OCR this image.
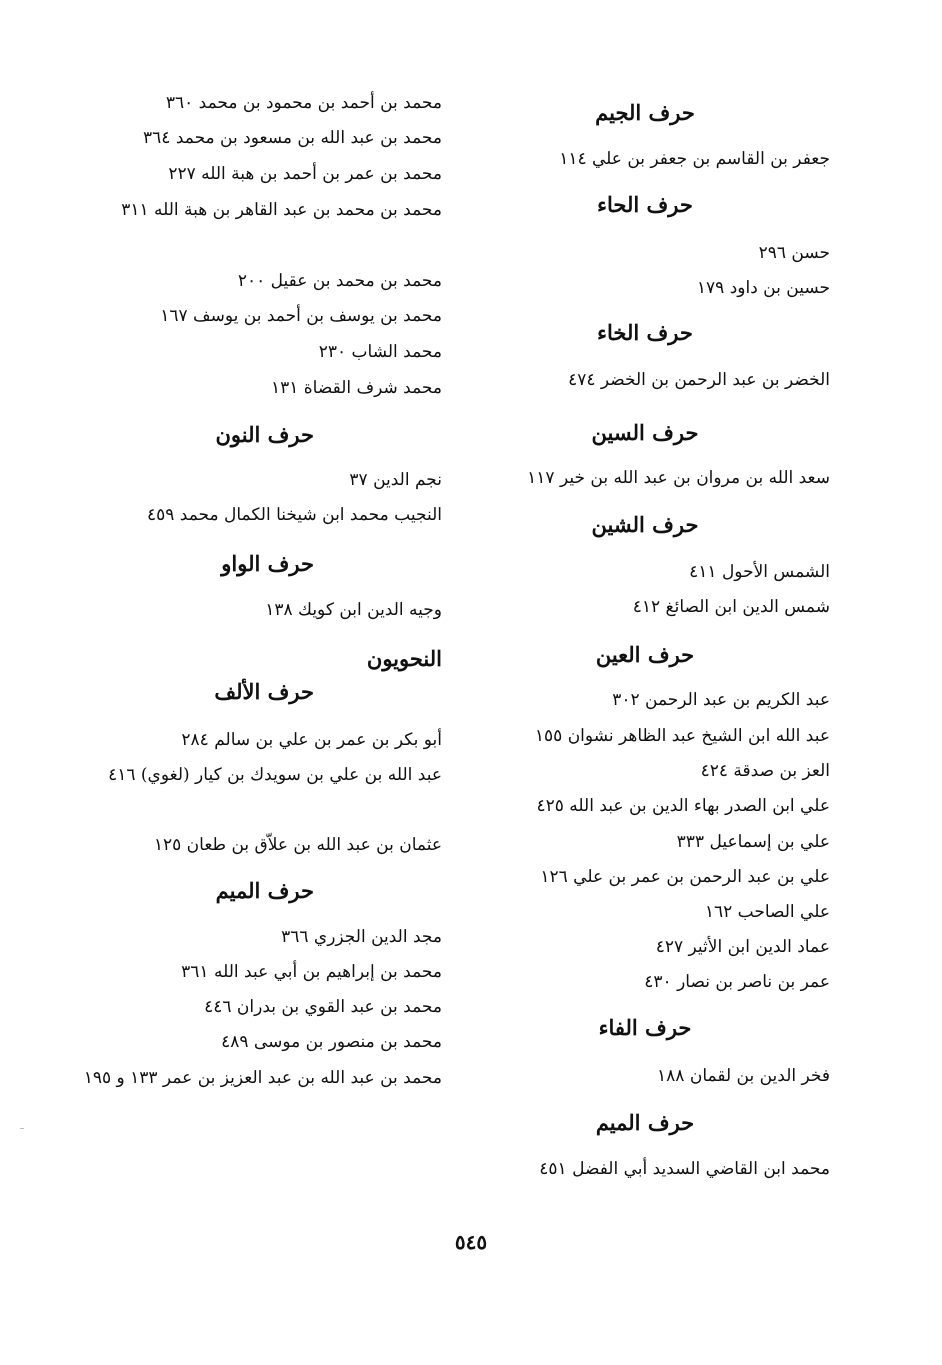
حرف الجيم
جعفر بن القاسم بن جعفر بن علي ١١٤
حرف الحاء
حسن ٢٩٦
حسين بن داود ١٧٩
حرف الخاء
الخضر بن عبد الرحمن بن الخضر ٤٧٤
حرف السين
سعد الله بن مروان بن عبد الله بن خير ١١٧
حرف الشين
الشمس الأحول ٤١١
شمس الدين ابن الصائغ ٤١٢
حرف العين
عبد الكريم بن عبد الرحمن ٣٠٢
عبد الله ابن الشيخ عبد الظاهر نشوان ١٥٥
العز بن صدقة ٤٢٤
علي ابن الصدر بهاء الدين بن عبد الله ٤٢٥
علي بن إسماعيل ٣٣٣
علي بن عبد الرحمن بن عمر بن علي ١٢٦
علي الصاحب ١٦٢
عماد الدين ابن الأثير ٤٢٧
عمر بن ناصر بن نصار ٤٣٠
حرف الفاء
فخر الدين بن لقمان ١٨٨
حرف الميم
محمد ابن القاضي السديد أبي الفضل ٤٥١
محمد بن أحمد بن محمود بن محمد ٣٦٠
محمد بن عبد الله بن مسعود بن محمد ٣٦٤
محمد بن عمر بن أحمد بن هبة الله ٢٢٧
محمد بن محمد بن عبد القاهر بن هبة الله ٣١١
محمد بن محمد بن عقيل ٢٠٠
محمد بن يوسف بن أحمد بن يوسف ١٦٧
محمد الشاب ٢٣٠
محمد شرف القضاة ١٣١
حرف النون
نجم الدين ٣٧
النجيب محمد ابن شيخنا الكمال محمد ٤٥٩
حرف الواو
وجيه الدين ابن كويك ١٣٨
النحويون
حرف الألف
أبو بكر بن عمر بن علي بن سالم ٢٨٤
عبد الله بن علي بن سويدك بن كيار (لغوي) ٤١٦
عثمان بن عبد الله بن علاّق بن طعان ١٢٥
حرف الميم
مجد الدين الجزري ٣٦٦
محمد بن إبراهيم بن أبي عبد الله ٣٦١
محمد بن عبد القوي بن بدران ٤٤٦
محمد بن منصور بن موسى ٤٨٩
محمد بن عبد الله بن عبد العزيز بن عمر ١٣٣ و ١٩٥
٥٤٥
